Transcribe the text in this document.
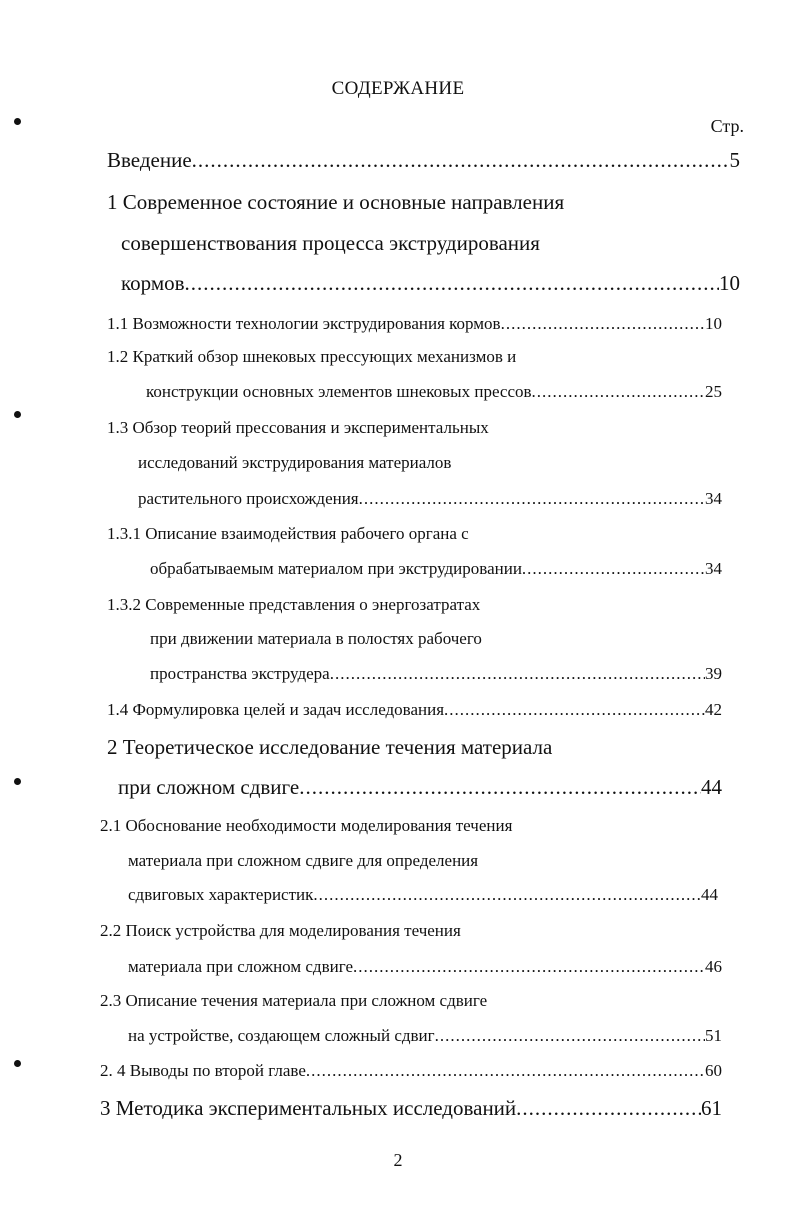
СОДЕРЖАНИЕ
Стр.
Введение .....	5
1 Современное состояние и основные направления
совершенствования процесса экструдирования
кормов .....	10
1.1 Возможности технологии экструдирования кормов .....	10
1.2 Краткий обзор шнековых прессующих механизмов и
конструкции основных элементов шнековых прессов .....	25
1.3 Обзор теорий прессования и экспериментальных
исследований экструдирования материалов
растительного происхождения .....	34
1.3.1 Описание взаимодействия рабочего органа с
обрабатываемым материалом при экструдировании .....	34
1.3.2 Современные представления о энергозатратах
при движении материала в полостях рабочего
пространства экструдера .....	39
1.4 Формулировка целей и задач исследования .....	42
2 Теоретическое исследование течения материала
при сложном сдвиге .....	44
2.1 Обоснование необходимости моделирования течения
материала при сложном сдвиге для определения
сдвиговых характеристик .....	44
2.2 Поиск устройства для моделирования течения
материала при сложном сдвиге .....	46
2.3 Описание течения материала при сложном сдвиге
на устройстве, создающем сложный сдвиг .....	51
2. 4 Выводы по второй главе .....	60
3 Методика экспериментальных исследований .....	61
2
